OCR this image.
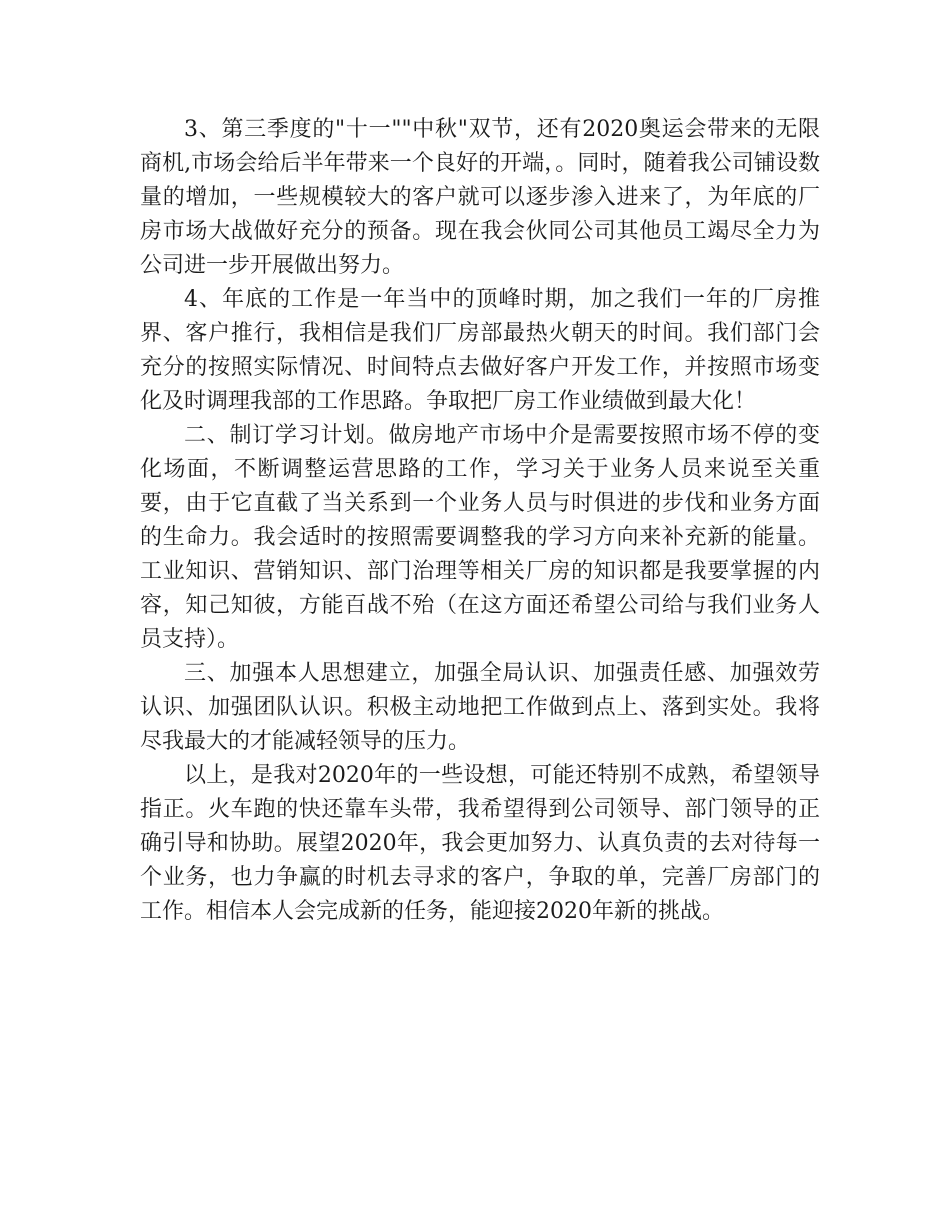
3、第三季度的"十一""中秋"双节，还有2020奥运会带来的无限商机,市场会给后半年带来一个良好的开端，。同时，随着我公司铺设数量的增加，一些规模较大的客户就可以逐步渗入进来了，为年底的厂房市场大战做好充分的预备。现在我会伙同公司其他员工竭尽全力为公司进一步开展做出努力。

4、年底的工作是一年当中的顶峰时期，加之我们一年的厂房推界、客户推行，我相信是我们厂房部最热火朝天的时间。我们部门会充分的按照实际情况、时间特点去做好客户开发工作，并按照市场变化及时调理我部的工作思路。争取把厂房工作业绩做到最大化！

二、制订学习计划。做房地产市场中介是需要按照市场不停的变化场面，不断调整运营思路的工作，学习关于业务人员来说至关重要，由于它直截了当关系到一个业务人员与时俱进的步伐和业务方面的生命力。我会适时的按照需要调整我的学习方向来补充新的能量。工业知识、营销知识、部门治理等相关厂房的知识都是我要掌握的内容，知己知彼，方能百战不殆（在这方面还希望公司给与我们业务人员支持）。

三、加强本人思想建立，加强全局认识、加强责任感、加强效劳认识、加强团队认识。积极主动地把工作做到点上、落到实处。我将尽我最大的才能减轻领导的压力。

以上，是我对2020年的一些设想，可能还特别不成熟，希望领导指正。火车跑的快还靠车头带，我希望得到公司领导、部门领导的正确引导和协助。展望2020年，我会更加努力、认真负责的去对待每一个业务，也力争赢的时机去寻求的客户，争取的单，完善厂房部门的工作。相信本人会完成新的任务，能迎接2020年新的挑战。
